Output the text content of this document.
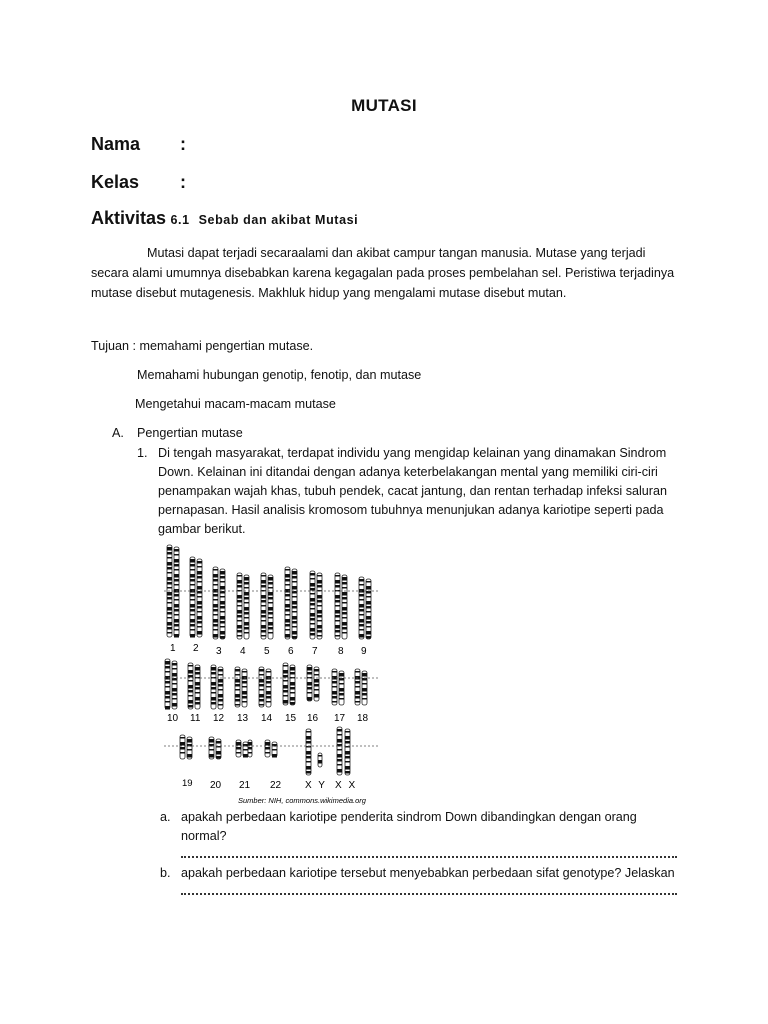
MUTASI
Nama :
Kelas :
Aktivitas 6.1 Sebab dan akibat Mutasi

Mutasi dapat terjadi secaraalami dan akibat campur tangan manusia. Mutase yang terjadi secara alami umumnya disebabkan karena kegagalan pada proses pembelahan sel. Peristiwa terjadinya mutase disebut mutagenesis. Makhluk hidup yang mengalami mutase disebut mutan.

Tujuan : memahami pengertian mutase.
Memahami hubungan genotip, fenotip, dan mutase
Mengetahui macam-macam mutase
A. Pengertian mutase
1. Di tengah masyarakat, terdapat individu yang mengidap kelainan yang dinamakan Sindrom Down. Kelainan ini ditandai dengan adanya keterbelakangan mental yang memiliki ciri-ciri penampakan wajah khas, tubuh pendek, cacat jantung, dan rentan terhadap infeksi saluran pernapasan. Hasil analisis kromosom tubuhnya menunjukan adanya kariotipe seperti pada gambar berikut.
1 2 3 4 5 6 7 8 9
10 11 12 13 14 15 16 17 18
19 20 21 22 X Y X X
Sumber: NIH, commons.wikimedia.org
a. apakah perbedaan kariotipe penderita sindrom Down dibandingkan dengan orang normal?
b. apakah perbedaan kariotipe tersebut menyebabkan perbedaan sifat genotype? Jelaskan
